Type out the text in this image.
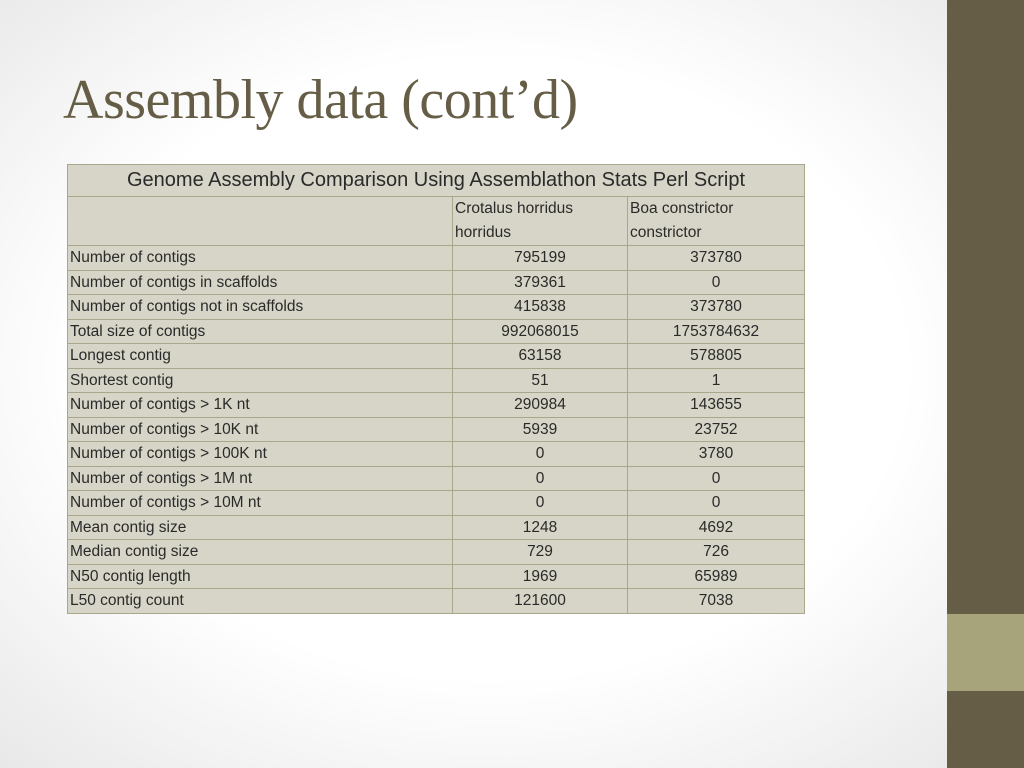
Assembly data (cont’d)
Genome Assembly Comparison Using Assemblathon Stats Perl Script		
	Crotalus horridus horridus	Boa constrictor constrictor
Number of contigs	795199	373780
Number of contigs in scaffolds	379361	0
Number of contigs not in scaffolds	415838	373780
Total size of contigs	992068015	1753784632
Longest contig	63158	578805
Shortest contig	51	1
Number of contigs > 1K nt	290984	143655
Number of contigs > 10K nt	5939	23752
Number of contigs > 100K nt	0	3780
Number of contigs > 1M nt	0	0
Number of contigs > 10M nt	0	0
Mean contig size	1248	4692
Median contig size	729	726
N50 contig length	1969	65989
L50 contig count	121600	7038
